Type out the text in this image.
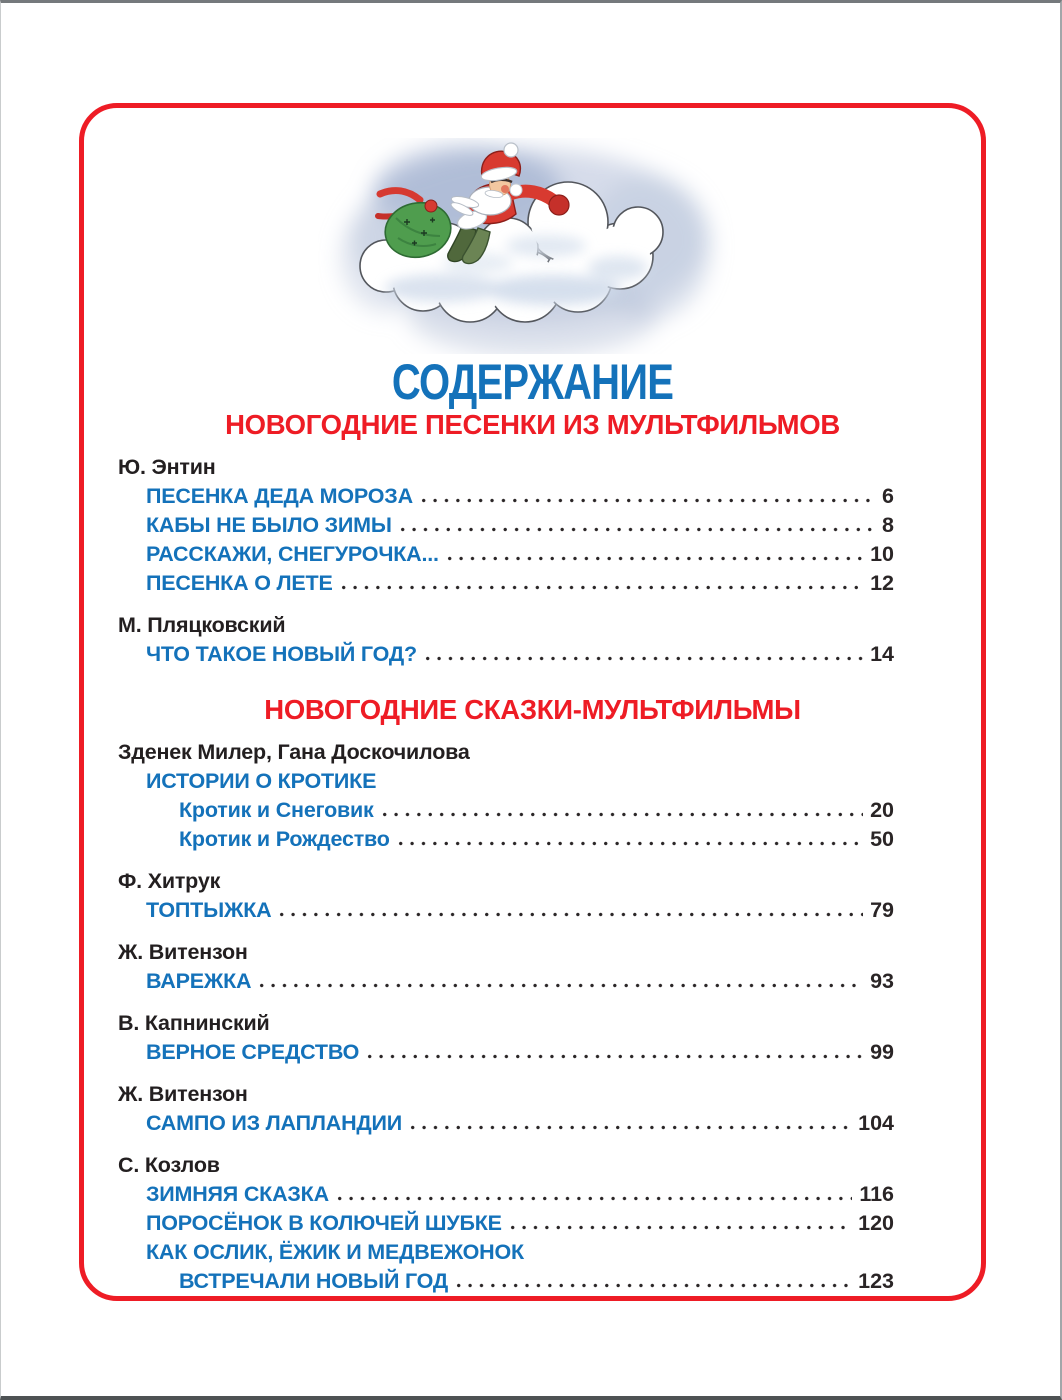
СОДЕРЖАНИЕ
НОВОГОДНИЕ ПЕСЕНКИ ИЗ МУЛЬТФИЛЬМОВ
Ю. Энтин
ПЕСЕНКА ДЕДА МОРОЗА	6
КАБЫ НЕ БЫЛО ЗИМЫ	8
РАССКАЖИ, СНЕГУРОЧКА...	10
ПЕСЕНКА О ЛЕТЕ	12
М. Пляцковский
ЧТО ТАКОЕ НОВЫЙ ГОД?	14
НОВОГОДНИЕ СКАЗКИ-МУЛЬТФИЛЬМЫ
Зденек Милер, Гана Доскочилова
ИСТОРИИ О КРОТИКЕ
Кротик и Снеговик	20
Кротик и Рождество	50
Ф. Хитрук
ТОПТЫЖКА	79
Ж. Витензон
ВАРЕЖКА	93
В. Капнинский
ВЕРНОЕ СРЕДСТВО	99
Ж. Витензон
САМПО ИЗ ЛАПЛАНДИИ	104
С. Козлов
ЗИМНЯЯ СКАЗКА	116
ПОРОСЁНОК В КОЛЮЧЕЙ ШУБКЕ	120
КАК ОСЛИК, ЁЖИК И МЕДВЕЖОНОК
ВСТРЕЧАЛИ НОВЫЙ ГОД	123
